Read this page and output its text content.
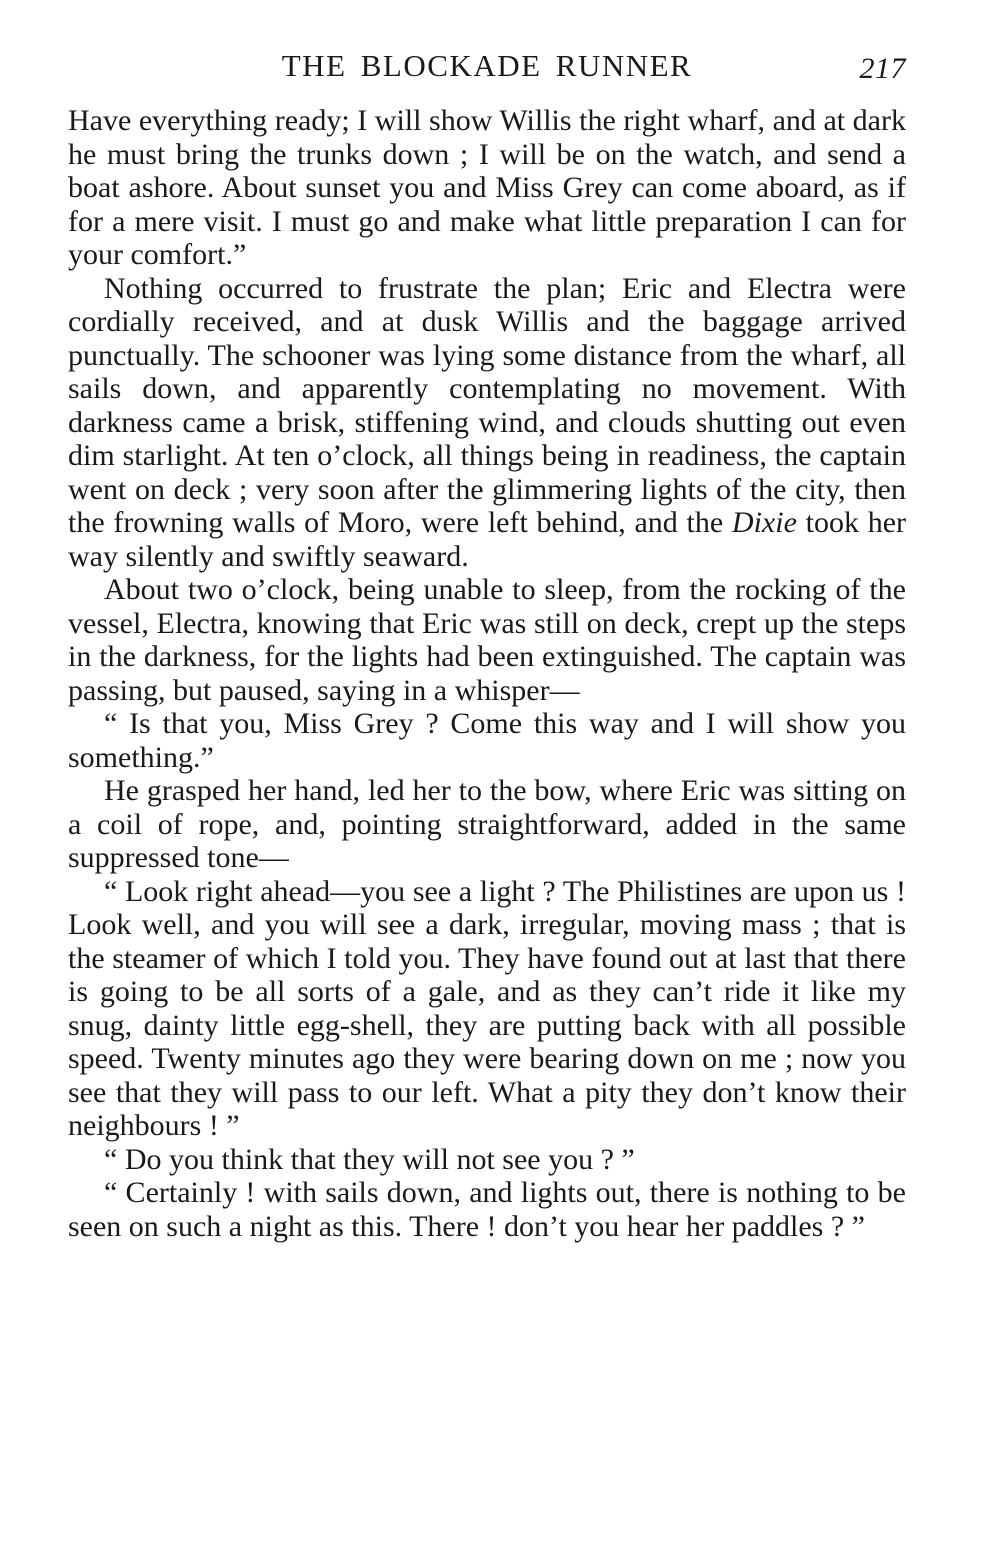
THE BLOCKADE RUNNER	217

Have everything ready; I will show Willis the right wharf, and at dark he must bring the trunks down ; I will be on the watch, and send a boat ashore. About sunset you and Miss Grey can come aboard, as if for a mere visit. I must go and make what little preparation I can for your comfort.”

Nothing occurred to frustrate the plan; Eric and Electra were cordially received, and at dusk Willis and the baggage arrived punctually. The schooner was lying some distance from the wharf, all sails down, and apparently contemplating no movement. With darkness came a brisk, stiffening wind, and clouds shutting out even dim starlight. At ten o’clock, all things being in readiness, the captain went on deck ; very soon after the glimmering lights of the city, then the frowning walls of Moro, were left behind, and the Dixie took her way silently and swiftly seaward.

About two o’clock, being unable to sleep, from the rocking of the vessel, Electra, knowing that Eric was still on deck, crept up the steps in the darkness, for the lights had been extinguished. The captain was passing, but paused, saying in a whisper—

“ Is that you, Miss Grey ? Come this way and I will show you something.”

He grasped her hand, led her to the bow, where Eric was sitting on a coil of rope, and, pointing straightforward, added in the same suppressed tone—

“ Look right ahead—you see a light ? The Philistines are upon us ! Look well, and you will see a dark, irregular, moving mass ; that is the steamer of which I told you. They have found out at last that there is going to be all sorts of a gale, and as they can’t ride it like my snug, dainty little egg-shell, they are putting back with all possible speed. Twenty minutes ago they were bearing down on me ; now you see that they will pass to our left. What a pity they don’t know their neighbours ! ”

“ Do you think that they will not see you ? ”

“ Certainly ! with sails down, and lights out, there is nothing to be seen on such a night as this. There ! don’t you hear her paddles ? ”
